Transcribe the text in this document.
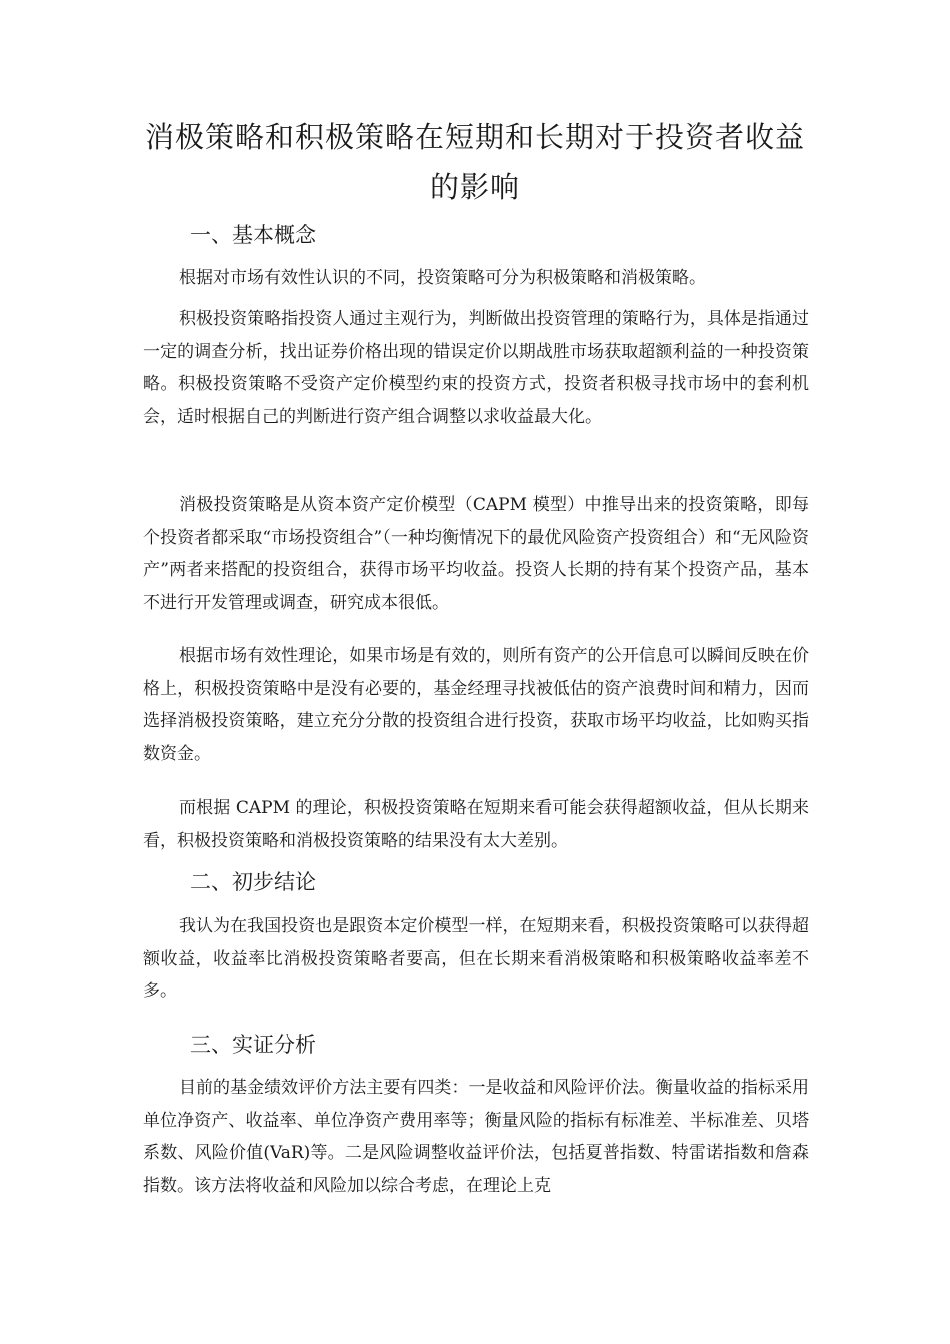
消极策略和积极策略在短期和长期对于投资者收益的影响
一、基本概念
根据对市场有效性认识的不同，投资策略可分为积极策略和消极策略。
积极投资策略指投资人通过主观行为，判断做出投资管理的策略行为，具体是指通过一定的调查分析，找出证券价格出现的错误定价以期战胜市场获取超额利益的一种投资策略。积极投资策略不受资产定价模型约束的投资方式，投资者积极寻找市场中的套利机会，适时根据自己的判断进行资产组合调整以求收益最大化。
消极投资策略是从资本资产定价模型（CAPM 模型）中推导出来的投资策略，即每个投资者都采取“市场投资组合”（一种均衡情况下的最优风险资产投资组合）和“无风险资产”两者来搭配的投资组合，获得市场平均收益。投资人长期的持有某个投资产品，基本不进行开发管理或调查，研究成本很低。
根据市场有效性理论，如果市场是有效的，则所有资产的公开信息可以瞬间反映在价格上，积极投资策略中是没有必要的，基金经理寻找被低估的资产浪费时间和精力，因而选择消极投资策略，建立充分分散的投资组合进行投资，获取市场平均收益，比如购买指数资金。
而根据 CAPM 的理论，积极投资策略在短期来看可能会获得超额收益，但从长期来看，积极投资策略和消极投资策略的结果没有太大差别。
二、初步结论
我认为在我国投资也是跟资本定价模型一样，在短期来看，积极投资策略可以获得超额收益，收益率比消极投资策略者要高，但在长期来看消极策略和积极策略收益率差不多。
三、实证分析
目前的基金绩效评价方法主要有四类：一是收益和风险评价法。衡量收益的指标采用单位净资产、收益率、单位净资产费用率等；衡量风险的指标有标准差、半标准差、贝塔系数、风险价值(VaR)等。二是风险调整收益评价法，包括夏普指数、特雷诺指数和詹森指数。该方法将收益和风险加以综合考虑，在理论上克
